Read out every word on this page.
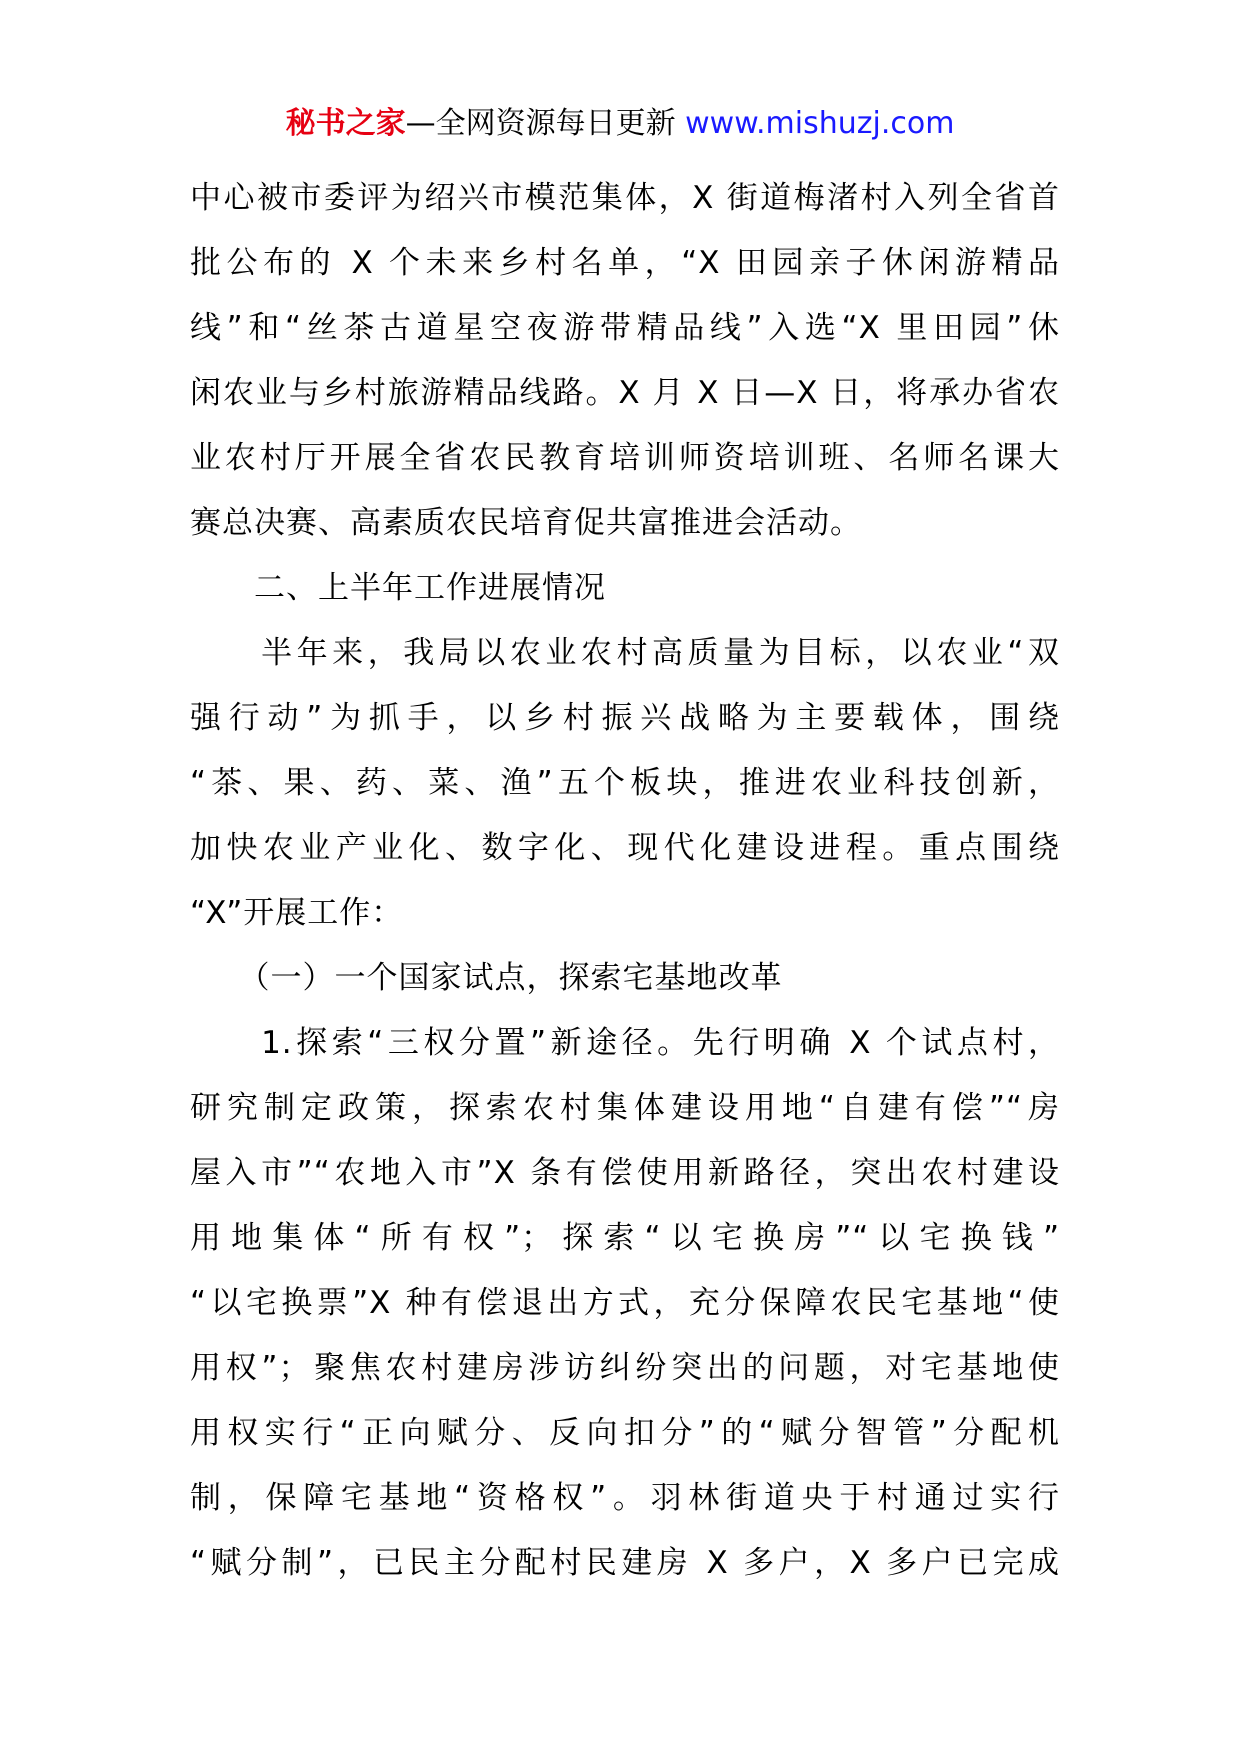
秘书之家—全网资源每日更新 www.mishuzj.com
中心被市委评为绍兴市模范集体，X 街道梅渚村入列全省首
批公布的 X 个未来乡村名单，“X 田园亲子休闲游精品
线”和“丝茶古道星空夜游带精品线”入选“X 里田园”休
闲农业与乡村旅游精品线路。X 月 X 日—X 日，将承办省农
业农村厅开展全省农民教育培训师资培训班、名师名课大
赛总决赛、高素质农民培育促共富推进会活动。
　　二、上半年工作进展情况
　　半年来，我局以农业农村高质量为目标，以农业“双
强行动”为抓手，以乡村振兴战略为主要载体，围绕
“茶、果、药、菜、渔”五个板块，推进农业科技创新，
加快农业产业化、数字化、现代化建设进程。重点围绕
“X”开展工作：
　　（一）一个国家试点，探索宅基地改革
　　1.探索“三权分置”新途径。先行明确 X 个试点村，
研究制定政策，探索农村集体建设用地“自建有偿”“房
屋入市”“农地入市”X 条有偿使用新路径，突出农村建设
用地集体“所有权”；探索“以宅换房”“以宅换钱”
“以宅换票”X 种有偿退出方式，充分保障农民宅基地“使
用权”；聚焦农村建房涉访纠纷突出的问题，对宅基地使
用权实行“正向赋分、反向扣分”的“赋分智管”分配机
制，保障宅基地“资格权”。羽林街道央于村通过实行
“赋分制”，已民主分配村民建房 X 多户，X 多户已完成
